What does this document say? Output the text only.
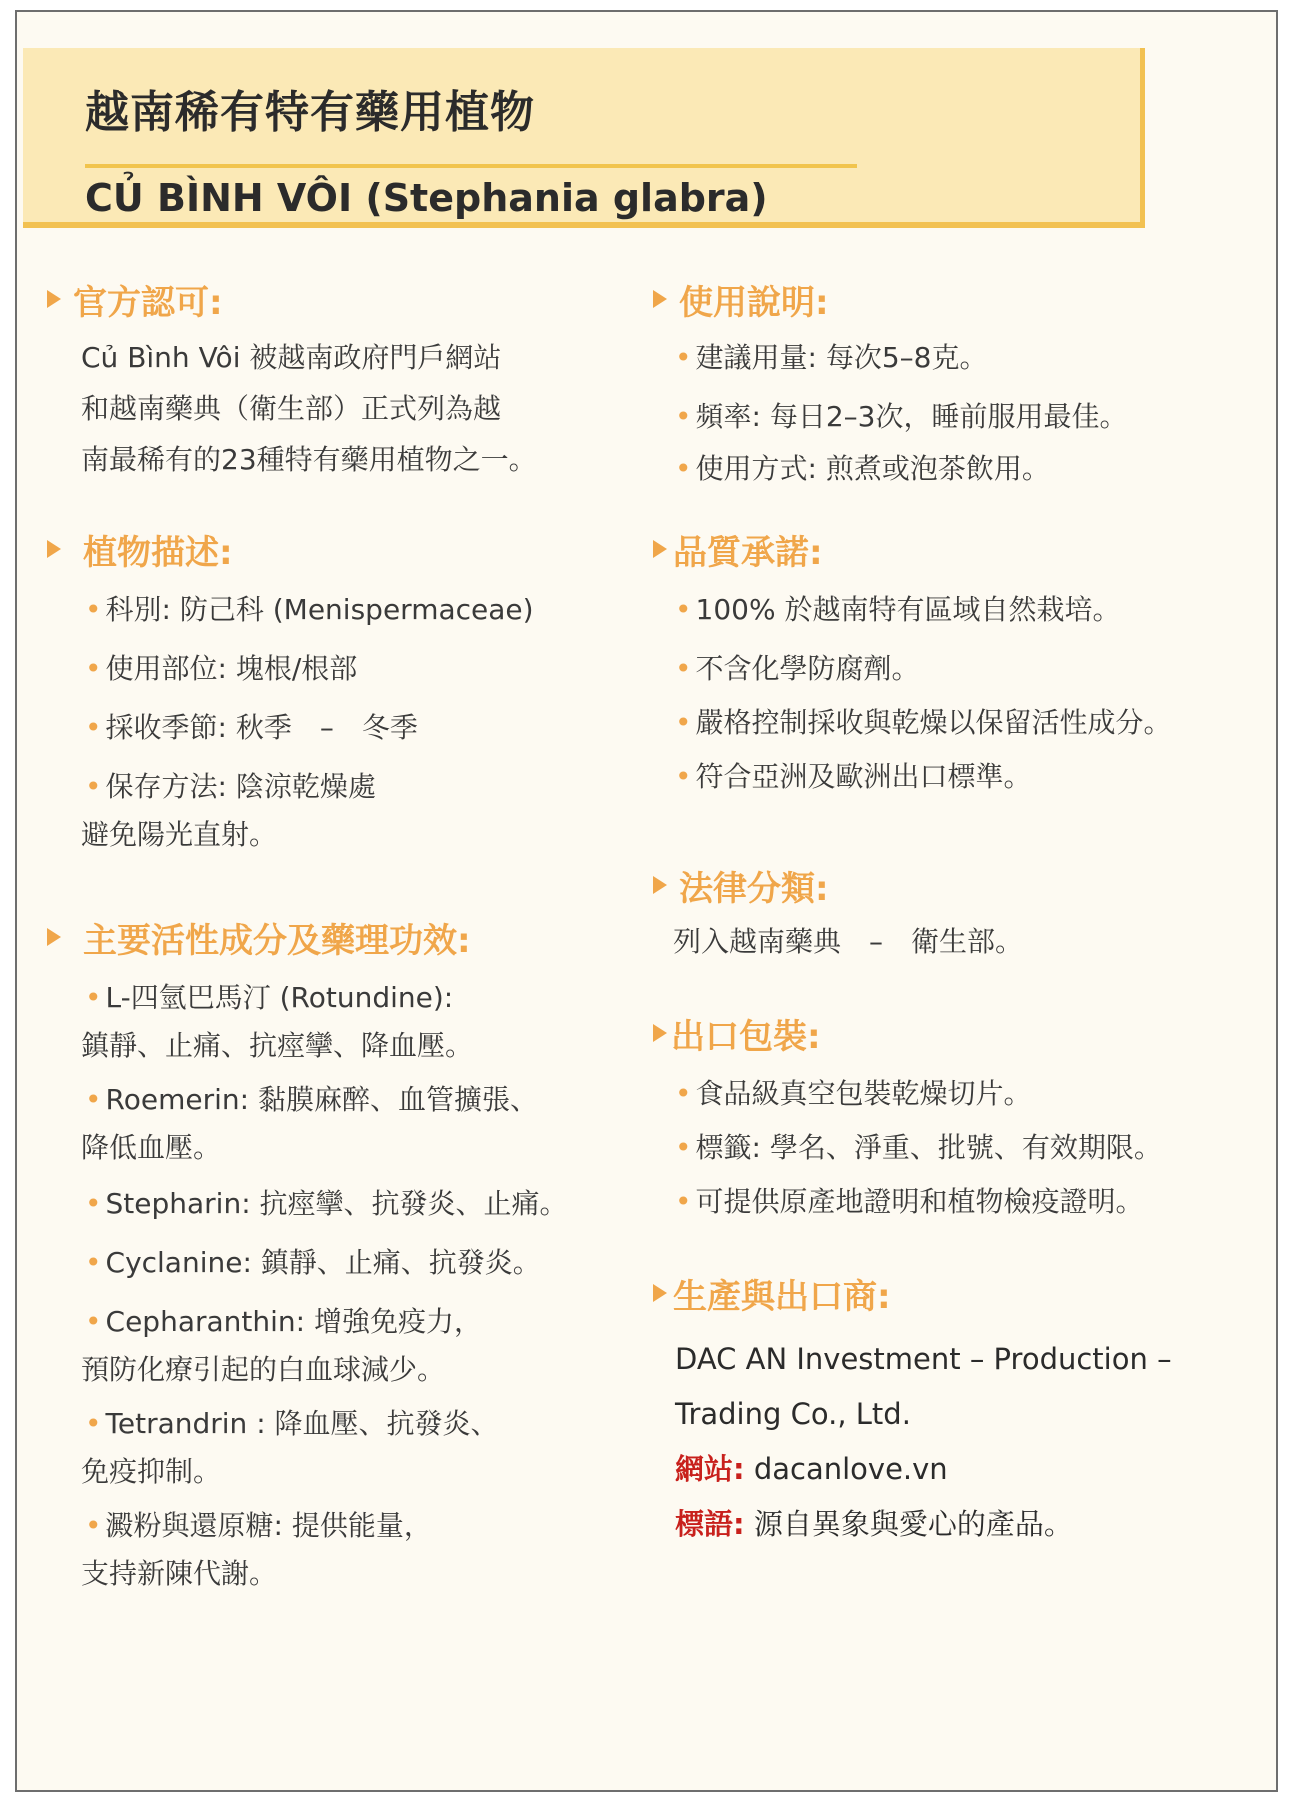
越南稀有特有藥用植物
CỦ BÌNH VÔI (Stephania glabra)
官方認可:
Củ Bình Vôi 被越南政府門戶網站
和越南藥典（衛生部）正式列為越
南最稀有的23種特有藥用植物之一。
植物描述:
• 科別: 防己科 (Menispermaceae)
• 使用部位: 塊根/根部
• 採收季節: 秋季　–　冬季
• 保存方法: 陰涼乾燥處
避免陽光直射。
主要活性成分及藥理功效:
• L-四氫巴馬汀 (Rotundine):
鎮靜、止痛、抗痙攣、降血壓。
• Roemerin: 黏膜麻醉、血管擴張、
降低血壓。
• Stepharin: 抗痙攣、抗發炎、止痛。
• Cyclanine: 鎮靜、止痛、抗發炎。
• Cepharanthin: 增強免疫力，
預防化療引起的白血球減少。
• Tetrandrin : 降血壓、抗發炎、
免疫抑制。
• 澱粉與還原糖: 提供能量，
支持新陳代謝。
使用說明:
• 建議用量: 每次5–8克。
• 頻率: 每日2–3次，睡前服用最佳。
• 使用方式: 煎煮或泡茶飲用。
品質承諾:
• 100% 於越南特有區域自然栽培。
• 不含化學防腐劑。
• 嚴格控制採收與乾燥以保留活性成分。
• 符合亞洲及歐洲出口標準。
法律分類:
列入越南藥典　–　衛生部。
出口包裝:
• 食品級真空包裝乾燥切片。
• 標籤: 學名、淨重、批號、有效期限。
• 可提供原產地證明和植物檢疫證明。
生產與出口商:
DAC AN Investment – Production –
Trading Co., Ltd.
網站: dacanlove.vn
標語: 源自異象與愛心的產品。
